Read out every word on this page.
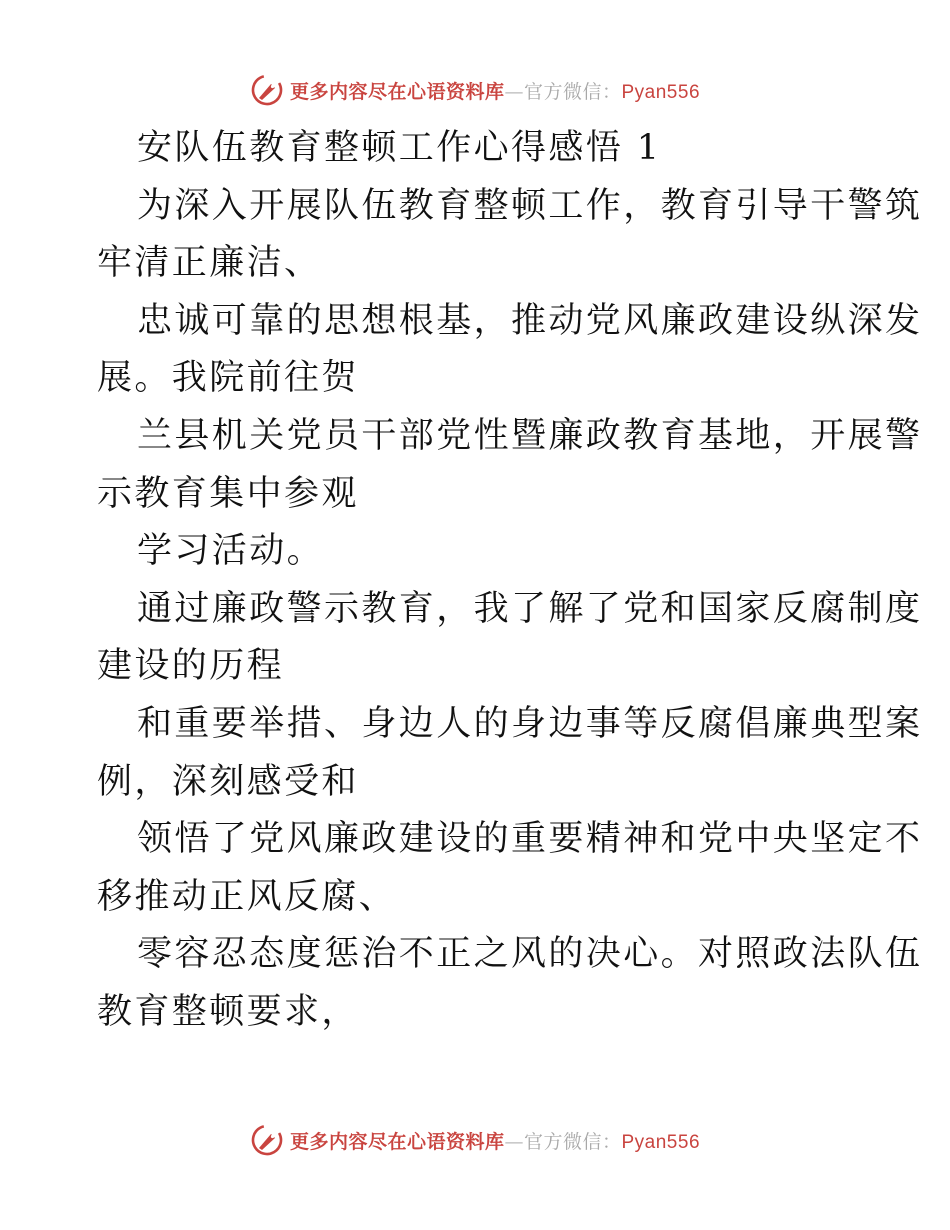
更多内容尽在心语资料库—官方微信：Pyan556
安队伍教育整顿工作心得感悟 1
为深入开展队伍教育整顿工作，教育引导干警筑
牢清正廉洁、
忠诚可靠的思想根基，推动党风廉政建设纵深发
展。我院前往贺
兰县机关党员干部党性暨廉政教育基地，开展警
示教育集中参观
学习活动。
通过廉政警示教育，我了解了党和国家反腐制度
建设的历程
和重要举措、身边人的身边事等反腐倡廉典型案
例，深刻感受和
领悟了党风廉政建设的重要精神和党中央坚定不
移推动正风反腐、
零容忍态度惩治不正之风的决心。对照政法队伍
教育整顿要求，
更多内容尽在心语资料库—官方微信：Pyan556
